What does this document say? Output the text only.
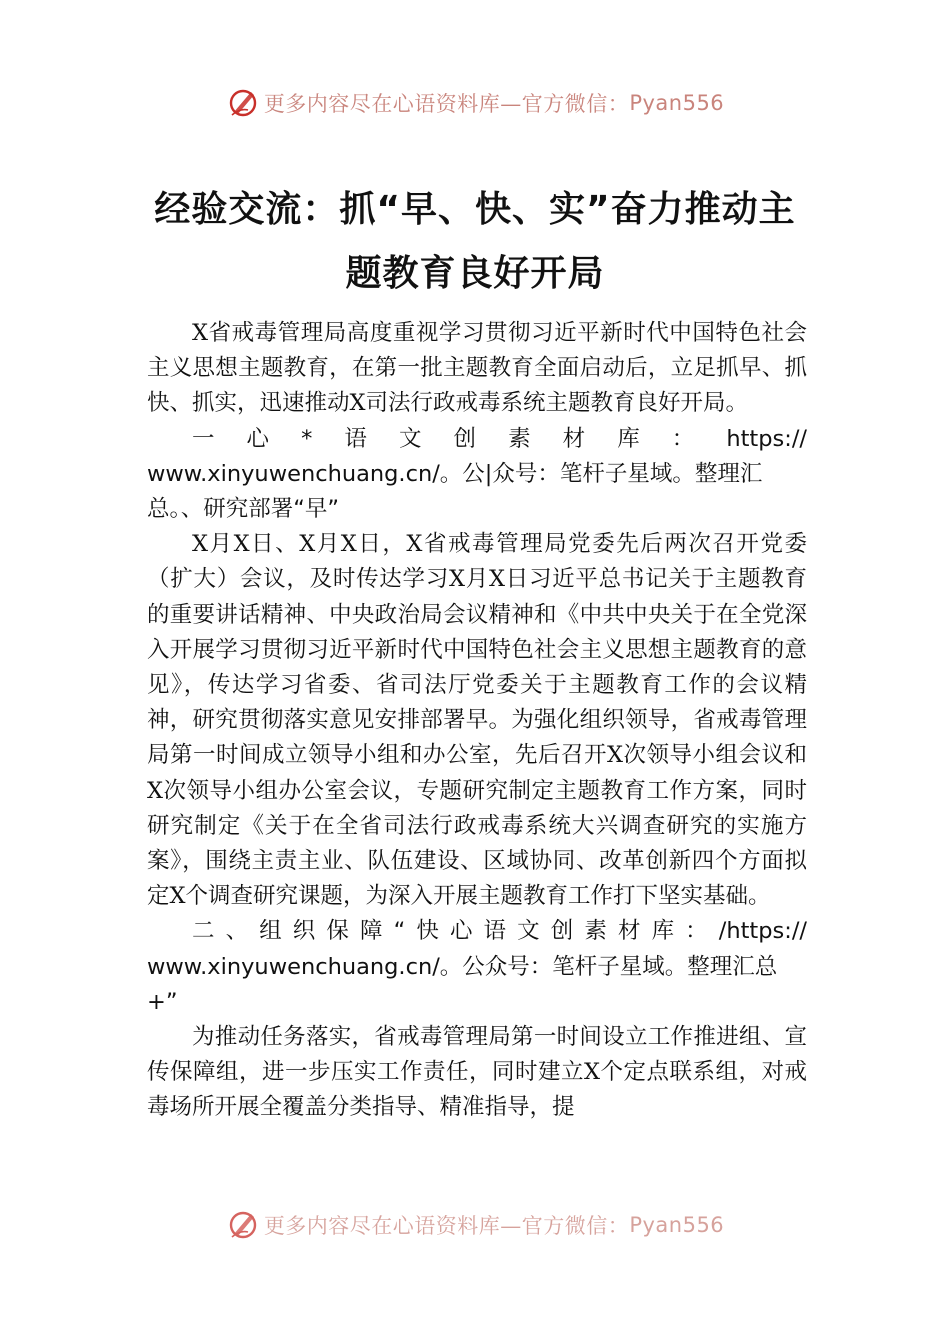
更多内容尽在心语资料库—官方微信： Pyan556
经验交流：抓“早、快、实”奋力推动主
题教育良好开局

X省戒毒管理局高度重视学习贯彻习近平新时代中国特色社会主义思想主题教育，在第一批主题教育全面启动后，立足抓早、抓快、抓实，迅速推动X司法行政戒毒系统主题教育良好开局。

一心*语文创素材库：https://

www.xinyuwenchuang.cn/。公|众号：笔杆子星域。整理汇

总。、研究部署“早”

X月X日、X月X日，X省戒毒管理局党委先后两次召开党委（扩大）会议，及时传达学习X月X日习近平总书记关于主题教育的重要讲话精神、中央政治局会议精神和《中共中央关于在全党深入开展学习贯彻习近平新时代中国特色社会主义思想主题教育的意见》，传达学习省委、省司法厅党委关于主题教育工作的会议精神，研究贯彻落实意见安排部署早。为强化组织领导，省戒毒管理局第一时间成立领导小组和办公室，先后召开X次领导小组会议和X次领导小组办公室会议，专题研究制定主题教育工作方案，同时研究制定《关于在全省司法行政戒毒系统大兴调查研究的实施方案》，围绕主责主业、队伍建设、区域协同、改革创新四个方面拟定X个调查研究课题，为深入开展主题教育工作打下坚实基础。

二、组织保障“快心语文创素材库：/https://

www.xinyuwenchuang.cn/。公众号：笔杆子星域。整理汇总

+”

为推动任务落实，省戒毒管理局第一时间设立工作推进组、宣传保障组，进一步压实工作责任，同时建立X个定点联系组，对戒毒场所开展全覆盖分类指导、精准指导，提

更多内容尽在心语资料库—官方微信： Pyan556
